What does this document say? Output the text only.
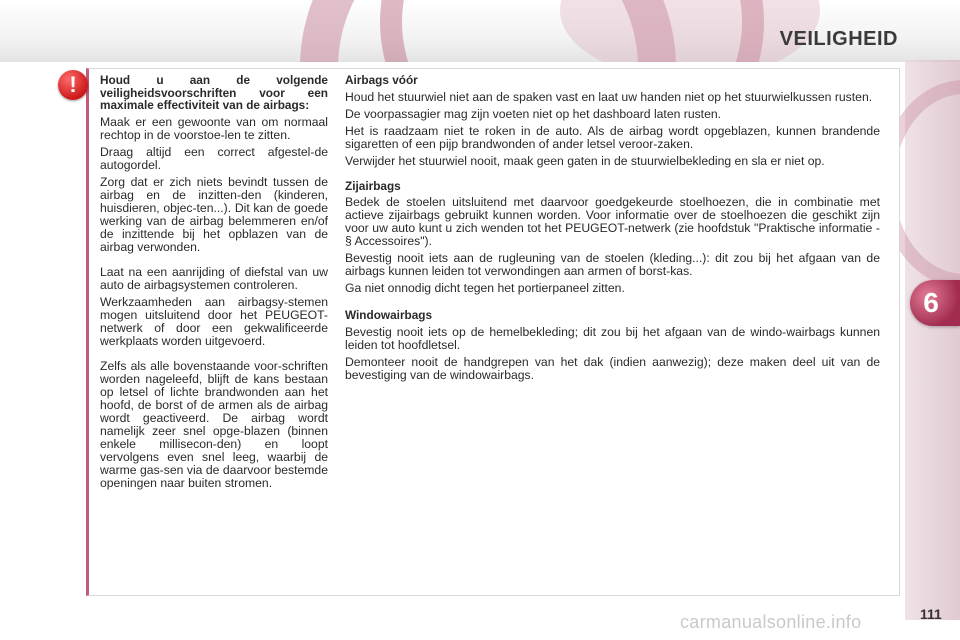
VEILIGHEID
6
!	Houd u aan de volgende veiligheidsvoorschriften voor een maximale effectiviteit van de airbags:

Maak er een gewoonte van om normaal rechtop in de voorstoe-len te zitten.

Draag altijd een correct afgestel-de autogordel.

Zorg dat er zich niets bevindt tussen de airbag en de inzitten-den (kinderen, huisdieren, objec-ten...). Dit kan de goede werking van de airbag belemmeren en/of de inzittende bij het opblazen van de airbag verwonden.

Laat na een aanrijding of diefstal van uw auto de airbagsystemen controleren.

Werkzaamheden aan airbagsy-stemen mogen uitsluitend door het PEUGEOT-netwerk of door een gekwalificeerde werkplaats worden uitgevoerd.

Zelfs als alle bovenstaande voor-schriften worden nageleefd, blijft de kans bestaan op letsel of lichte brandwonden aan het hoofd, de borst of de armen als de airbag wordt geactiveerd. De airbag wordt namelijk zeer snel opge-blazen (binnen enkele millisecon-den) en loopt vervolgens even snel leeg, waarbij de warme gas-sen via de daarvoor bestemde openingen naar buiten stromen.

Airbags vóór

Houd het stuurwiel niet aan de spaken vast en laat uw handen niet op het stuurwielkussen rusten.

De voorpassagier mag zijn voeten niet op het dashboard laten rusten.

Het is raadzaam niet te roken in de auto. Als de airbag wordt opgeblazen, kunnen brandende sigaretten of een pijp brandwonden of ander letsel veroor-zaken.

Verwijder het stuurwiel nooit, maak geen gaten in de stuurwielbekleding en sla er niet op.

Zijairbags

Bedek de stoelen uitsluitend met daarvoor goedgekeurde stoelhoezen, die in combinatie met actieve zijairbags gebruikt kunnen worden. Voor informatie over de stoelhoezen die geschikt zijn voor uw auto kunt u zich wenden tot het PEUGEOT-netwerk (zie hoofdstuk "Praktische informatie - § Accessoires").

Bevestig nooit iets aan de rugleuning van de stoelen (kleding...): dit zou bij het afgaan van de airbags kunnen leiden tot verwondingen aan armen of borst-kas.

Ga niet onnodig dicht tegen het portierpaneel zitten.

Windowairbags

Bevestig nooit iets op de hemelbekleding; dit zou bij het afgaan van de windo-wairbags kunnen leiden tot hoofdletsel.

Demonteer nooit de handgrepen van het dak (indien aanwezig); deze maken deel uit van de bevestiging van de windowairbags.

carmanualsonline.info	111
